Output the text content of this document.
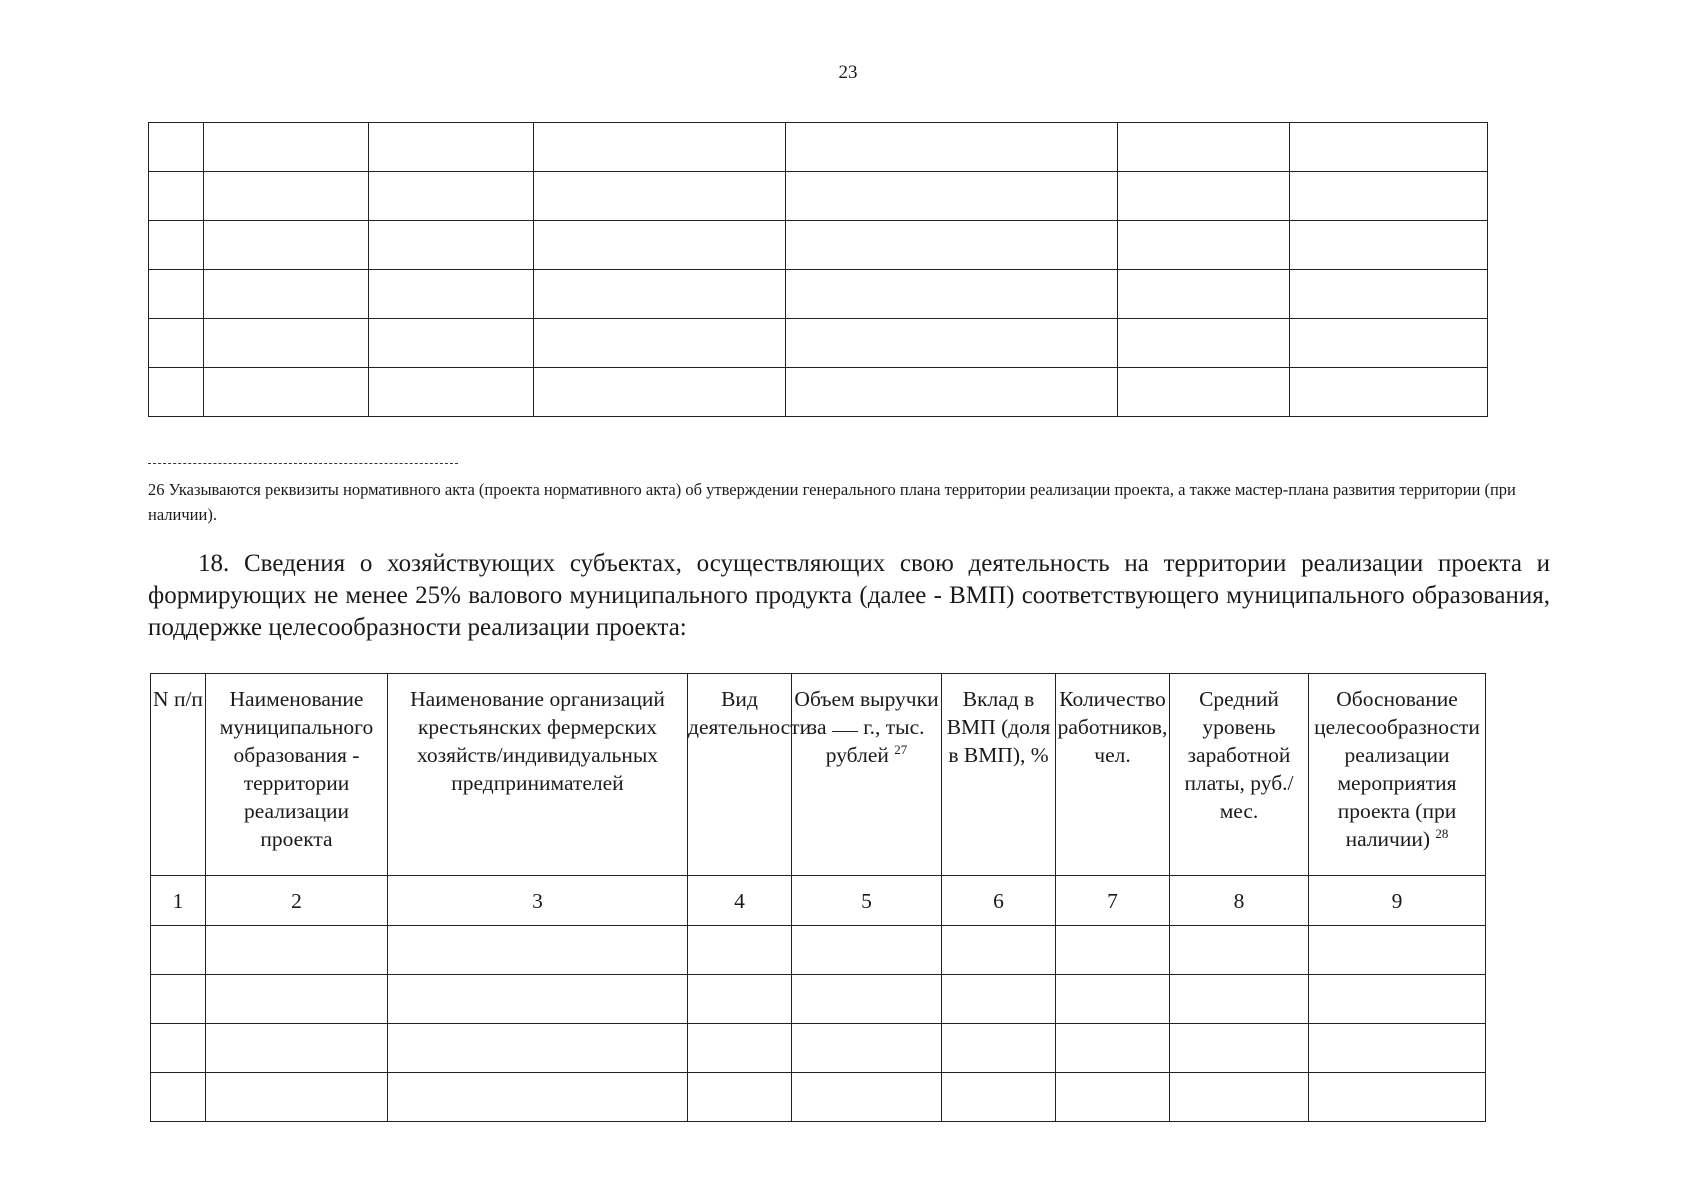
23

26 Указываются реквизиты нормативного акта (проекта нормативного акта) об утверждении генерального плана территории реализации проекта, а также мастер-плана развития территории (при наличии).
18. Сведения о хозяйствующих субъектах, осуществляющих свою деятельность на территории реализации проекта и формирующих не менее 25% валового муниципального продукта (далее - ВМП) соответствующего муниципального образования, поддержке целесообразности реализации проекта:
N п/п	Наименование муниципального образования - территории реализации проекта	Наименование организаций крестьянских фермерских хозяйств/индивидуальных предпринимателей	Вид деятельности	Объем выручки за г., тыс. рублей $^{27}$	Вклад в ВМП (доля в ВМП), %	Количество работников, чел.	Средний уровень заработной платы, руб./мес.	Обоснование целесообразности реализации мероприятия проекта (при наличии) $^{28}$
1	2	3	4	5	6	7	8	9
